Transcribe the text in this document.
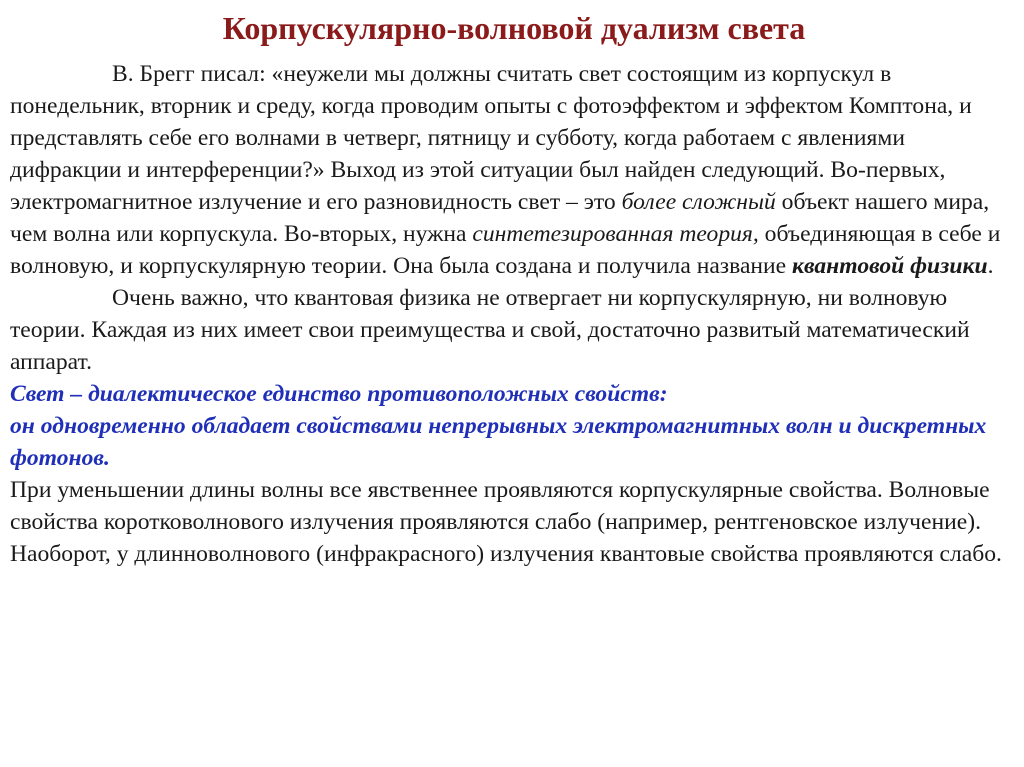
Корпускулярно-волновой дуализм света

В. Брегг писал: «неужели мы должны считать свет состоящим из корпускул в понедельник, вторник и среду, когда проводим опыты с фотоэффектом и эффектом Комптона, и представлять себе его волнами в четверг, пятницу и субботу, когда работаем с явлениями дифракции и интерференции?» Выход из этой ситуации был найден следующий. Во-первых, электромагнитное излучение и его разновидность свет – это более сложный объект нашего мира, чем волна или корпускула. Во-вторых, нужна синтетезированная теория, объединяющая в себе и волновую, и корпускулярную теории. Она была создана и получила название квантовой физики.

Очень важно, что квантовая физика не отвергает ни корпускулярную, ни волновую теории. Каждая из них имеет свои преимущества и свой, достаточно развитый математический аппарат.

Свет – диалектическое единство противоположных свойств:
он одновременно обладает свойствами непрерывных электромагнитных волн и дискретных фотонов.

При уменьшении длины волны все явственнее проявляются корпускулярные свойства. Волновые свойства коротковолнового излучения проявляются слабо (например, рентгеновское излучение). Наоборот, у длинноволнового (инфракрасного) излучения квантовые свойства проявляются слабо.
